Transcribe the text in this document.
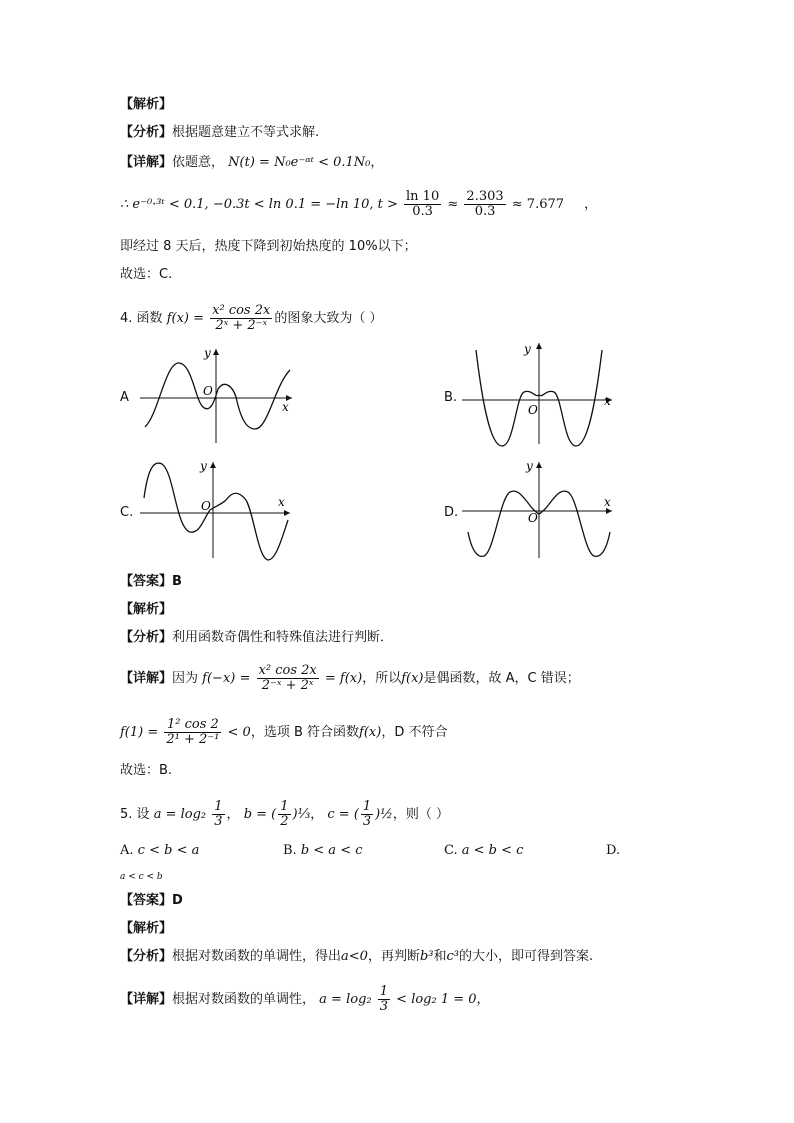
【解析】
【分析】根据题意建立不等式求解.
【详解】依题意， N(t) = N₀e⁻ᵅᵗ < 0.1N₀，
∴ e⁻⁰·³ᵗ < 0.1, −0.3t < ln 0.1 = −ln 10, $t > \frac{\ln 10}{0.3} \approx \frac{2.303}{0.3} \approx 7.677$ ，
即经过 8 天后，热度下降到初始热度的 10%以下；
故选：C.
4. 函数 $f(x) = \frac{\text{x² cos 2x}}{\text{2ˣ + 2⁻ˣ}}$ 的图象大致为（ ）
A
y
x
O	B.
y
x
O
C.
y
x
O	D.
y
x
O
【答案】B
【解析】
【分析】利用函数奇偶性和特殊值法进行判断．
【详解】因为 $f(-x) = \frac{\text{x² cos 2x}}{\text{2⁻ˣ + 2ˣ}} = f(x)$，所以f(x)是偶函数，故 A，C 错误；
$f(1) = \frac{\text{1² cos 2}}{\text{2¹ + 2⁻¹}} < 0$，选项 B 符合函数f(x)，D 不符合
故选：B.
5. 设 $a = \log_2 \frac{1}{3}$ ， b = ( $\frac{1}{2}$ )⅓， c = ( $\frac{1}{3}$ )½，则（ ）
A. c < b < a	B. b < a < c	C. a < b < c	D.
a < c < b
【答案】D
【解析】
【分析】根据对数函数的单调性，得出a<0，再判断b³和c³的大小，即可得到答案.
【详解】根据对数函数的单调性， $a = \log_2 \frac{1}{3} < \log_2$ 1 = 0，
